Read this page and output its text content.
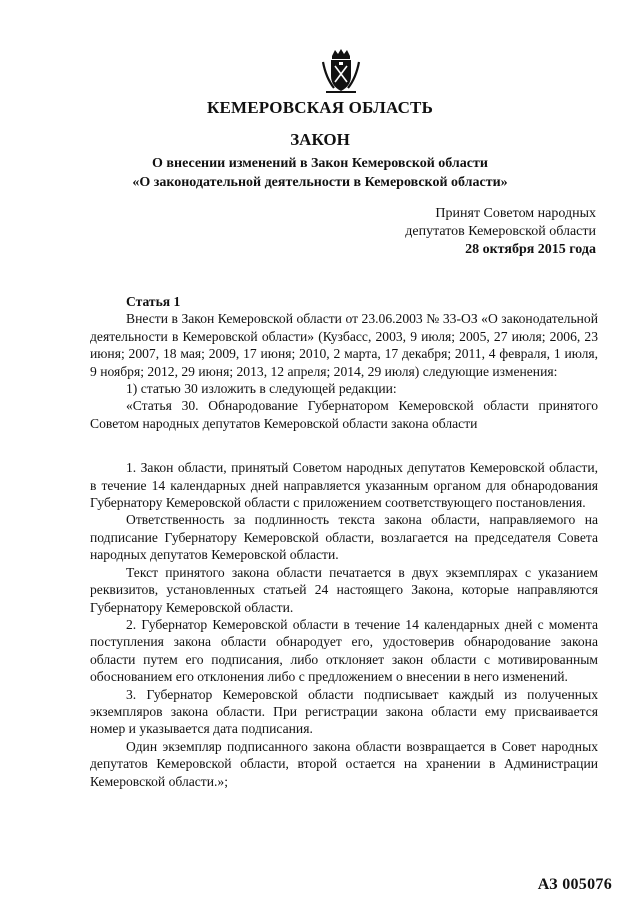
КЕМЕРОВСКАЯ ОБЛАСТЬ
ЗАКОН
О внесении изменений в Закон Кемеровской области
«О законодательной деятельности в Кемеровской области»
Принят Советом народных
депутатов Кемеровской области
28 октября 2015 года

Статья 1

Внести в Закон Кемеровской области от 23.06.2003 № 33-ОЗ «О законодательной деятельности в Кемеровской области» (Кузбасс, 2003, 9 июля; 2005, 27 июля; 2006, 23 июня; 2007, 18 мая; 2009, 17 июня; 2010, 2 марта, 17 декабря; 2011, 4 февраля, 1 июля, 9 ноября; 2012, 29 июня; 2013, 12 апреля; 2014, 29 июля) следующие изменения:

1) статью 30 изложить в следующей редакции:

«Статья 30. Обнародование Губернатором Кемеровской области принятого Советом народных депутатов Кемеровской области закона области

1. Закон области, принятый Советом народных депутатов Кемеровской области, в течение 14 календарных дней направляется указанным органом для обнародования Губернатору Кемеровской области с приложением соответствующего постановления.

Ответственность за подлинность текста закона области, направляемого на подписание Губернатору Кемеровской области, возлагается на председателя Совета народных депутатов Кемеровской области.

Текст принятого закона области печатается в двух экземплярах с указанием реквизитов, установленных статьей 24 настоящего Закона, которые направляются Губернатору Кемеровской области.

2. Губернатор Кемеровской области в течение 14 календарных дней с момента поступления закона области обнародует его, удостоверив обнародование закона области путем его подписания, либо отклоняет закон области с мотивированным обоснованием его отклонения либо с предложением о внесении в него изменений.

3. Губернатор Кемеровской области подписывает каждый из полученных экземпляров закона области. При регистрации закона области ему присваивается номер и указывается дата подписания.

Один экземпляр подписанного закона области возвращается в Совет народных депутатов Кемеровской области, второй остается на хранении в Администрации Кемеровской области.»;

АЗ 005076
